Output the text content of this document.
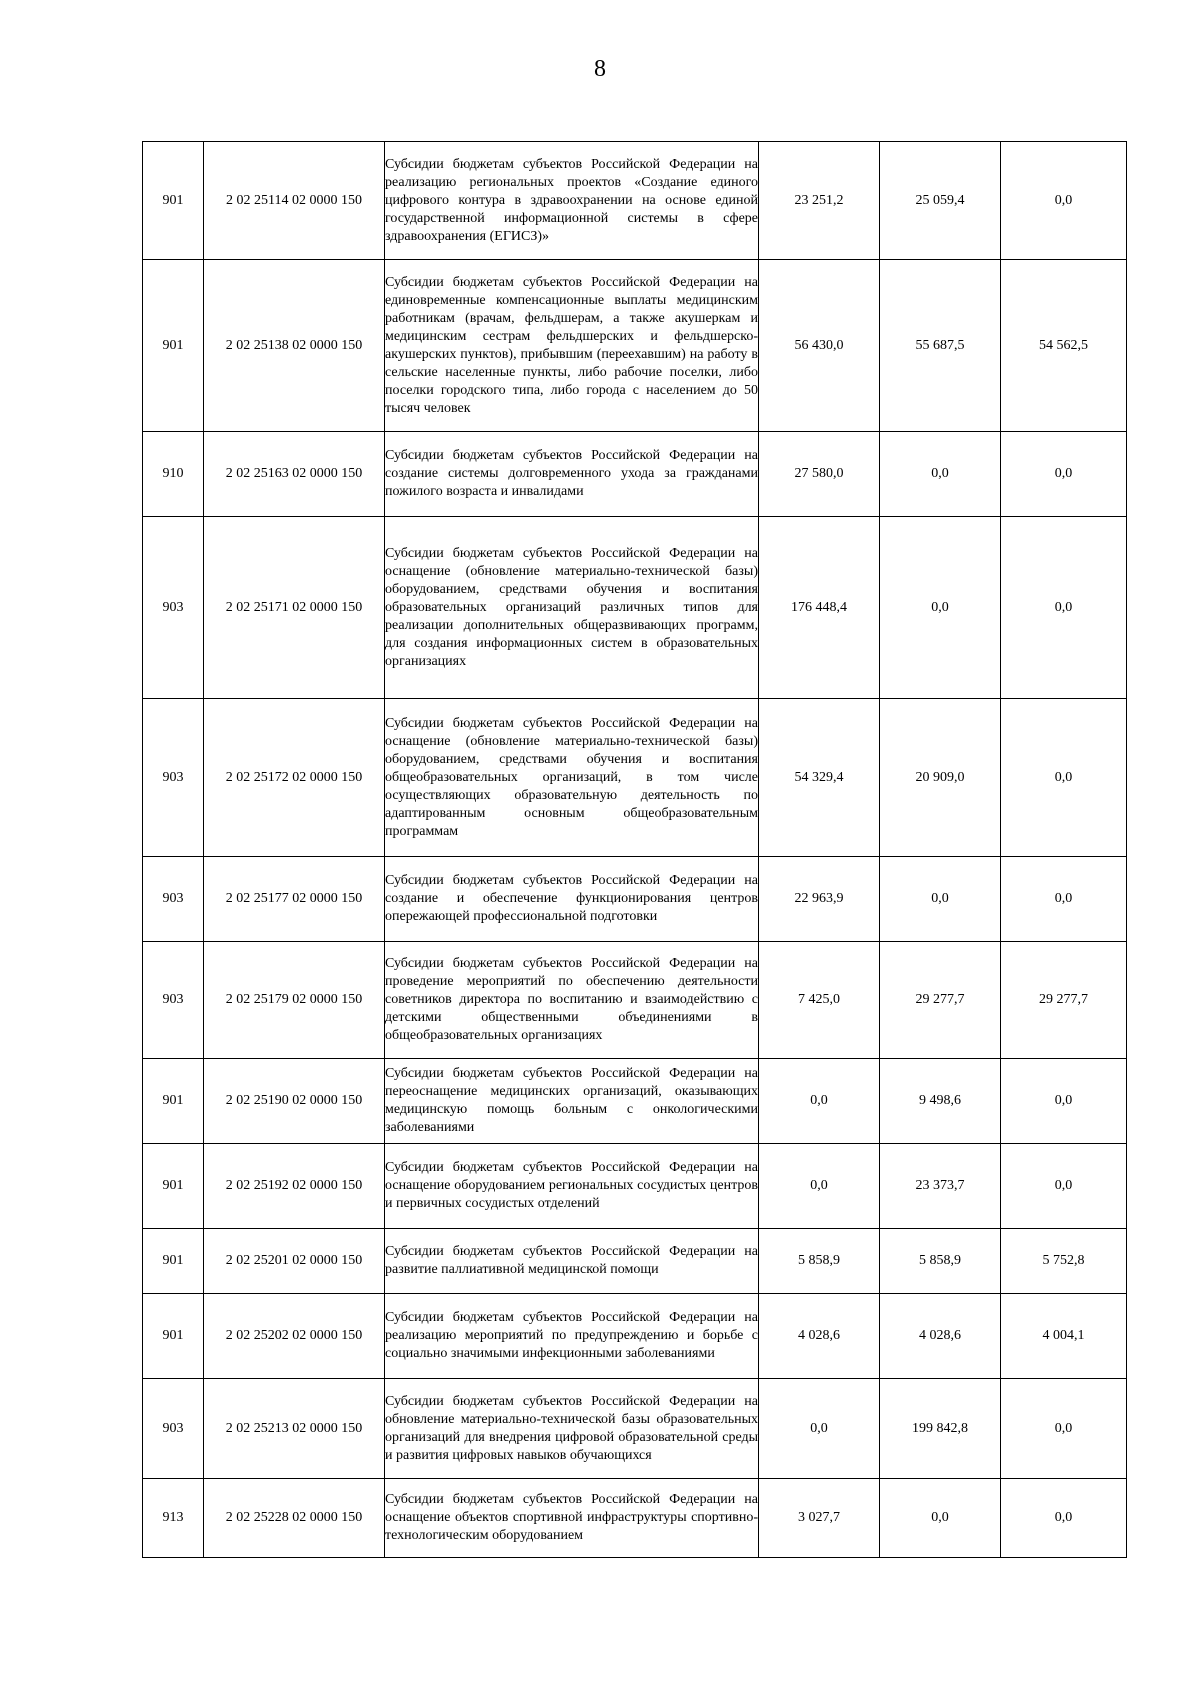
8
901	2 02 25114 02 0000 150	Субсидии бюджетам субъектов Российской Федерации на реализацию региональных проектов «Создание единого цифрового контура в здравоохранении на основе единой государственной информационной системы в сфере здравоохранения (ЕГИСЗ)»	23 251,2	25 059,4	0,0
901	2 02 25138 02 0000 150	Субсидии бюджетам субъектов Российской Федерации на единовременные компенсационные выплаты медицинским работникам (врачам, фельдшерам, а также акушеркам и медицинским сестрам фельдшерских и фельдшерско-акушерских пунктов), прибывшим (переехавшим) на работу в сельские населенные пункты, либо рабочие поселки, либо поселки городского типа, либо города с населением до 50 тысяч человек	56 430,0	55 687,5	54 562,5
910	2 02 25163 02 0000 150	Субсидии бюджетам субъектов Российской Федерации на создание системы долговременного ухода за гражданами пожилого возраста и инвалидами	27 580,0	0,0	0,0
903	2 02 25171 02 0000 150	Субсидии бюджетам субъектов Российской Федерации на оснащение (обновление материально-технической базы) оборудованием, средствами обучения и воспитания образовательных организаций различных типов для реализации дополнительных общеразвивающих программ, для создания информационных систем в образовательных организациях	176 448,4	0,0	0,0
903	2 02 25172 02 0000 150	Субсидии бюджетам субъектов Российской Федерации на оснащение (обновление материально-технической базы) оборудованием, средствами обучения и воспитания общеобразовательных организаций, в том числе осуществляющих образовательную деятельность по адаптированным основным общеобразовательным программам	54 329,4	20 909,0	0,0
903	2 02 25177 02 0000 150	Субсидии бюджетам субъектов Российской Федерации на создание и обеспечение функционирования центров опережающей профессиональной подготовки	22 963,9	0,0	0,0
903	2 02 25179 02 0000 150	Субсидии бюджетам субъектов Российской Федерации на проведение мероприятий по обеспечению деятельности советников директора по воспитанию и взаимодействию с детскими общественными объединениями в общеобразовательных организациях	7 425,0	29 277,7	29 277,7
901	2 02 25190 02 0000 150	Субсидии бюджетам субъектов Российской Федерации на переоснащение медицинских организаций, оказывающих медицинскую помощь больным с онкологическими заболеваниями	0,0	9 498,6	0,0
901	2 02 25192 02 0000 150	Субсидии бюджетам субъектов Российской Федерации на оснащение оборудованием региональных сосудистых центров и первичных сосудистых отделений	0,0	23 373,7	0,0
901	2 02 25201 02 0000 150	Субсидии бюджетам субъектов Российской Федерации на развитие паллиативной медицинской помощи	5 858,9	5 858,9	5 752,8
901	2 02 25202 02 0000 150	Субсидии бюджетам субъектов Российской Федерации на реализацию мероприятий по предупреждению и борьбе с социально значимыми инфекционными заболеваниями	4 028,6	4 028,6	4 004,1
903	2 02 25213 02 0000 150	Субсидии бюджетам субъектов Российской Федерации на обновление материально-технической базы образовательных организаций для внедрения цифровой образовательной среды и развития цифровых навыков обучающихся	0,0	199 842,8	0,0
913	2 02 25228 02 0000 150	Субсидии бюджетам субъектов Российской Федерации на оснащение объектов спортивной инфраструктуры спортивно-технологическим оборудованием	3 027,7	0,0	0,0
